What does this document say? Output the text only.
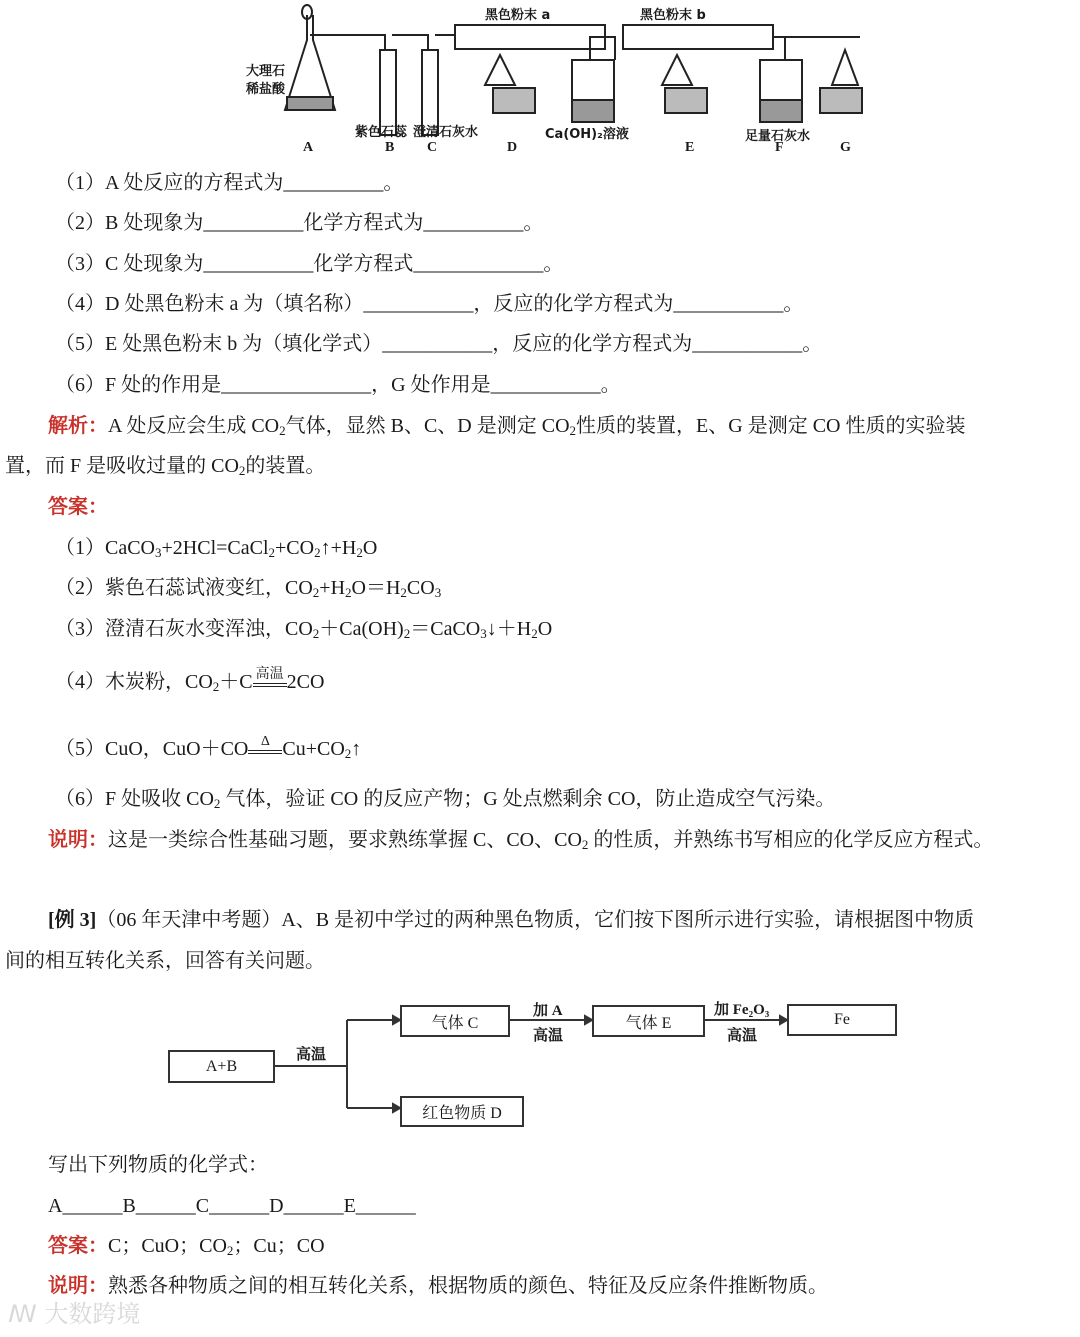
黑色粉末 a	黑色粉末 b
大理石
稀盐酸
紫色石蕊 澄清石灰水	Ca(OH)₂溶液	足量石灰水
A	B C	D	E	F	G
（1）A 处反应的方程式为__________。
（2）B 处现象为__________化学方程式为__________。
（3）C 处现象为___________化学方程式_____________。
（4）D 处黑色粉末 a 为（填名称）___________，反应的化学方程式为___________。
（5）E 处黑色粉末 b 为（填化学式）___________，反应的化学方程式为___________。
（6）F 处的作用是_______________，G 处作用是___________。
解析：A 处反应会生成 $CO_2$气体，显然 B、C、D 是测定 $CO_2$性质的装置，E、G 是测定 CO 性质的实验装
置，而 F 是吸收过量的 $CO_2$的装置。
答案：
$(1)CaCO_3+2HCl=CaCl_2+CO_2↑+H_2O$
（2）紫色石蕊试液变红，$CO_2+H_2O=H_2CO_3$
（3）澄清石灰水变浑浊，$CO_2+Ca(OH)_2=CaCO_3↓+H_2O$
（4）木炭粉，$CO_2+C$ 高温 2CO
（5）CuO，CuO＋CO Δ $Cu+CO_2↑$
（6）F 处吸收 $CO_2$ 气体，验证 CO 的反应产物；G 处点燃剩余 CO，防止造成空气污染。
说明：这是一类综合性基础习题，要求熟练掌握 C、CO、$CO_2$ 的性质，并熟练书写相应的化学反应方程式。
[例 3]（06 年天津中考题）A、B 是初中学过的两种黑色物质，它们按下图所示进行实验，请根据图中物质
间的相互转化关系，回答有关问题。
写出下列物质的化学式：
A______B______C______D______E______
答案：C；CuO；$CO_2$；Cu；CO
说明：熟悉各种物质之间的相互转化关系，根据物质的颜色、特征及反应条件推断物质。
A+B
气体 C	气体 E	Fe
红色物质 D
高温
加 A
高温
加 Fe₂O₃
高温
ꟿ 大数跨境
